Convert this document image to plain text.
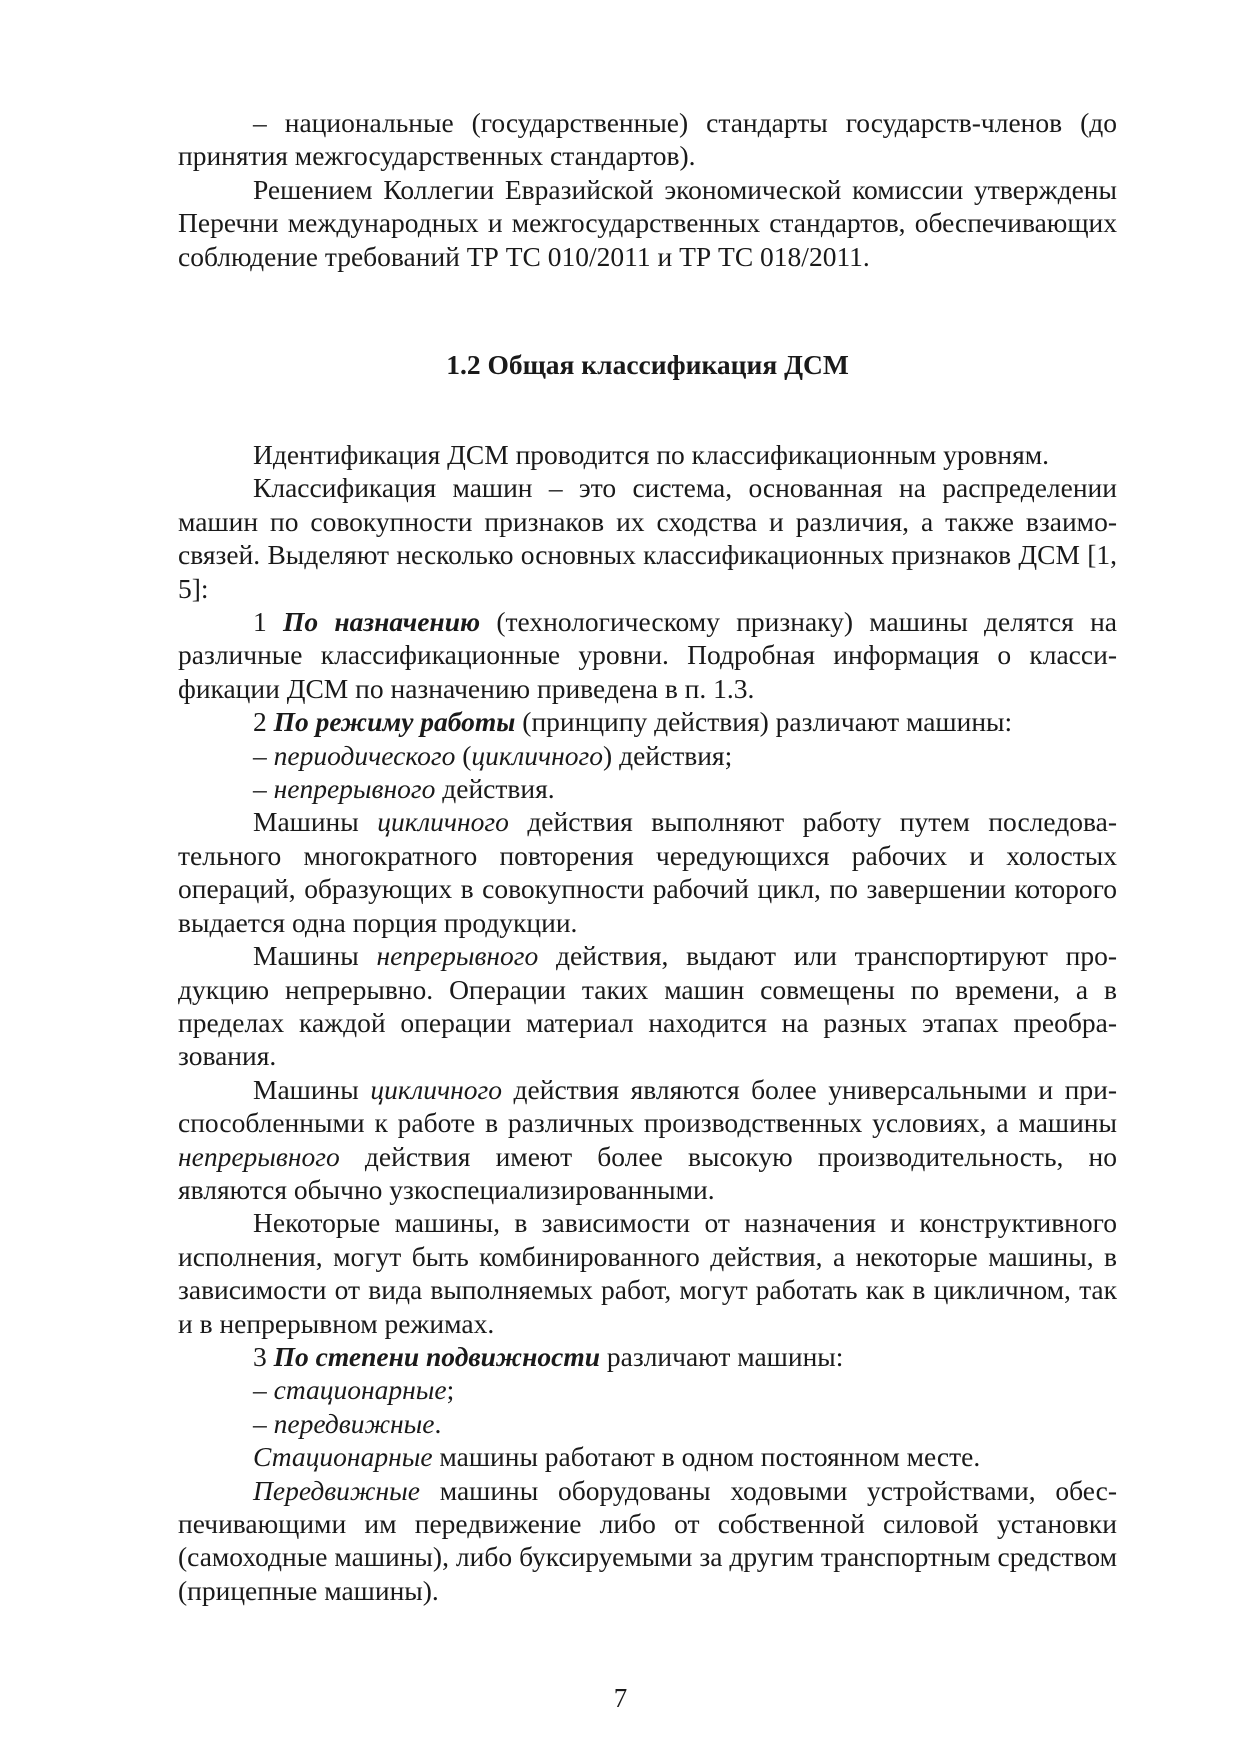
– национальные (государственные) стандарты государств-членов (до принятия межгосударственных стандартов).

Решением Коллегии Евразийской экономической комиссии утверждены Перечни международных и межгосударственных стандартов, обеспечивающих соблюдение требований ТР ТС 010/2011 и ТР ТС 018/2011.

1.2 Общая классификация ДСМ

Идентификация ДСМ проводится по классификационным уровням.

Классификация машин – это система, основанная на распределении машин по совокупности признаков их сходства и различия, а также взаимосвязей. Выделяют несколько основных классификационных признаков ДСМ [1, 5]:

1 По назначению (технологическому признаку) машины делятся на различные классификационные уровни. Подробная информация о классификации ДСМ по назначению приведена в п. 1.3.

2 По режиму работы (принципу действия) различают машины:

– периодического (цикличного) действия;

– непрерывного действия.

Машины цикличного действия выполняют работу путем последовательного многократного повторения чередующихся рабочих и холостых операций, образующих в совокупности рабочий цикл, по завершении которого выдается одна порция продукции.

Машины непрерывного действия, выдают или транспортируют продукцию непрерывно. Операции таких машин совмещены по времени, а в пределах каждой операции материал находится на разных этапах преобразования.

Машины цикличного действия являются более универсальными и приспособленными к работе в различных производственных условиях, а машины непрерывного действия имеют более высокую производительность, но являются обычно узкоспециализированными.

Некоторые машины, в зависимости от назначения и конструктивного исполнения, могут быть комбинированного действия, а некоторые машины, в зависимости от вида выполняемых работ, могут работать как в цикличном, так и в непрерывном режимах.

3 По степени подвижности различают машины:

– стационарные;

– передвижные.

Стационарные машины работают в одном постоянном месте.

Передвижные машины оборудованы ходовыми устройствами, обеспечивающими им передвижение либо от собственной силовой установки (самоходные машины), либо буксируемыми за другим транспортным средством (прицепные машины).

7
